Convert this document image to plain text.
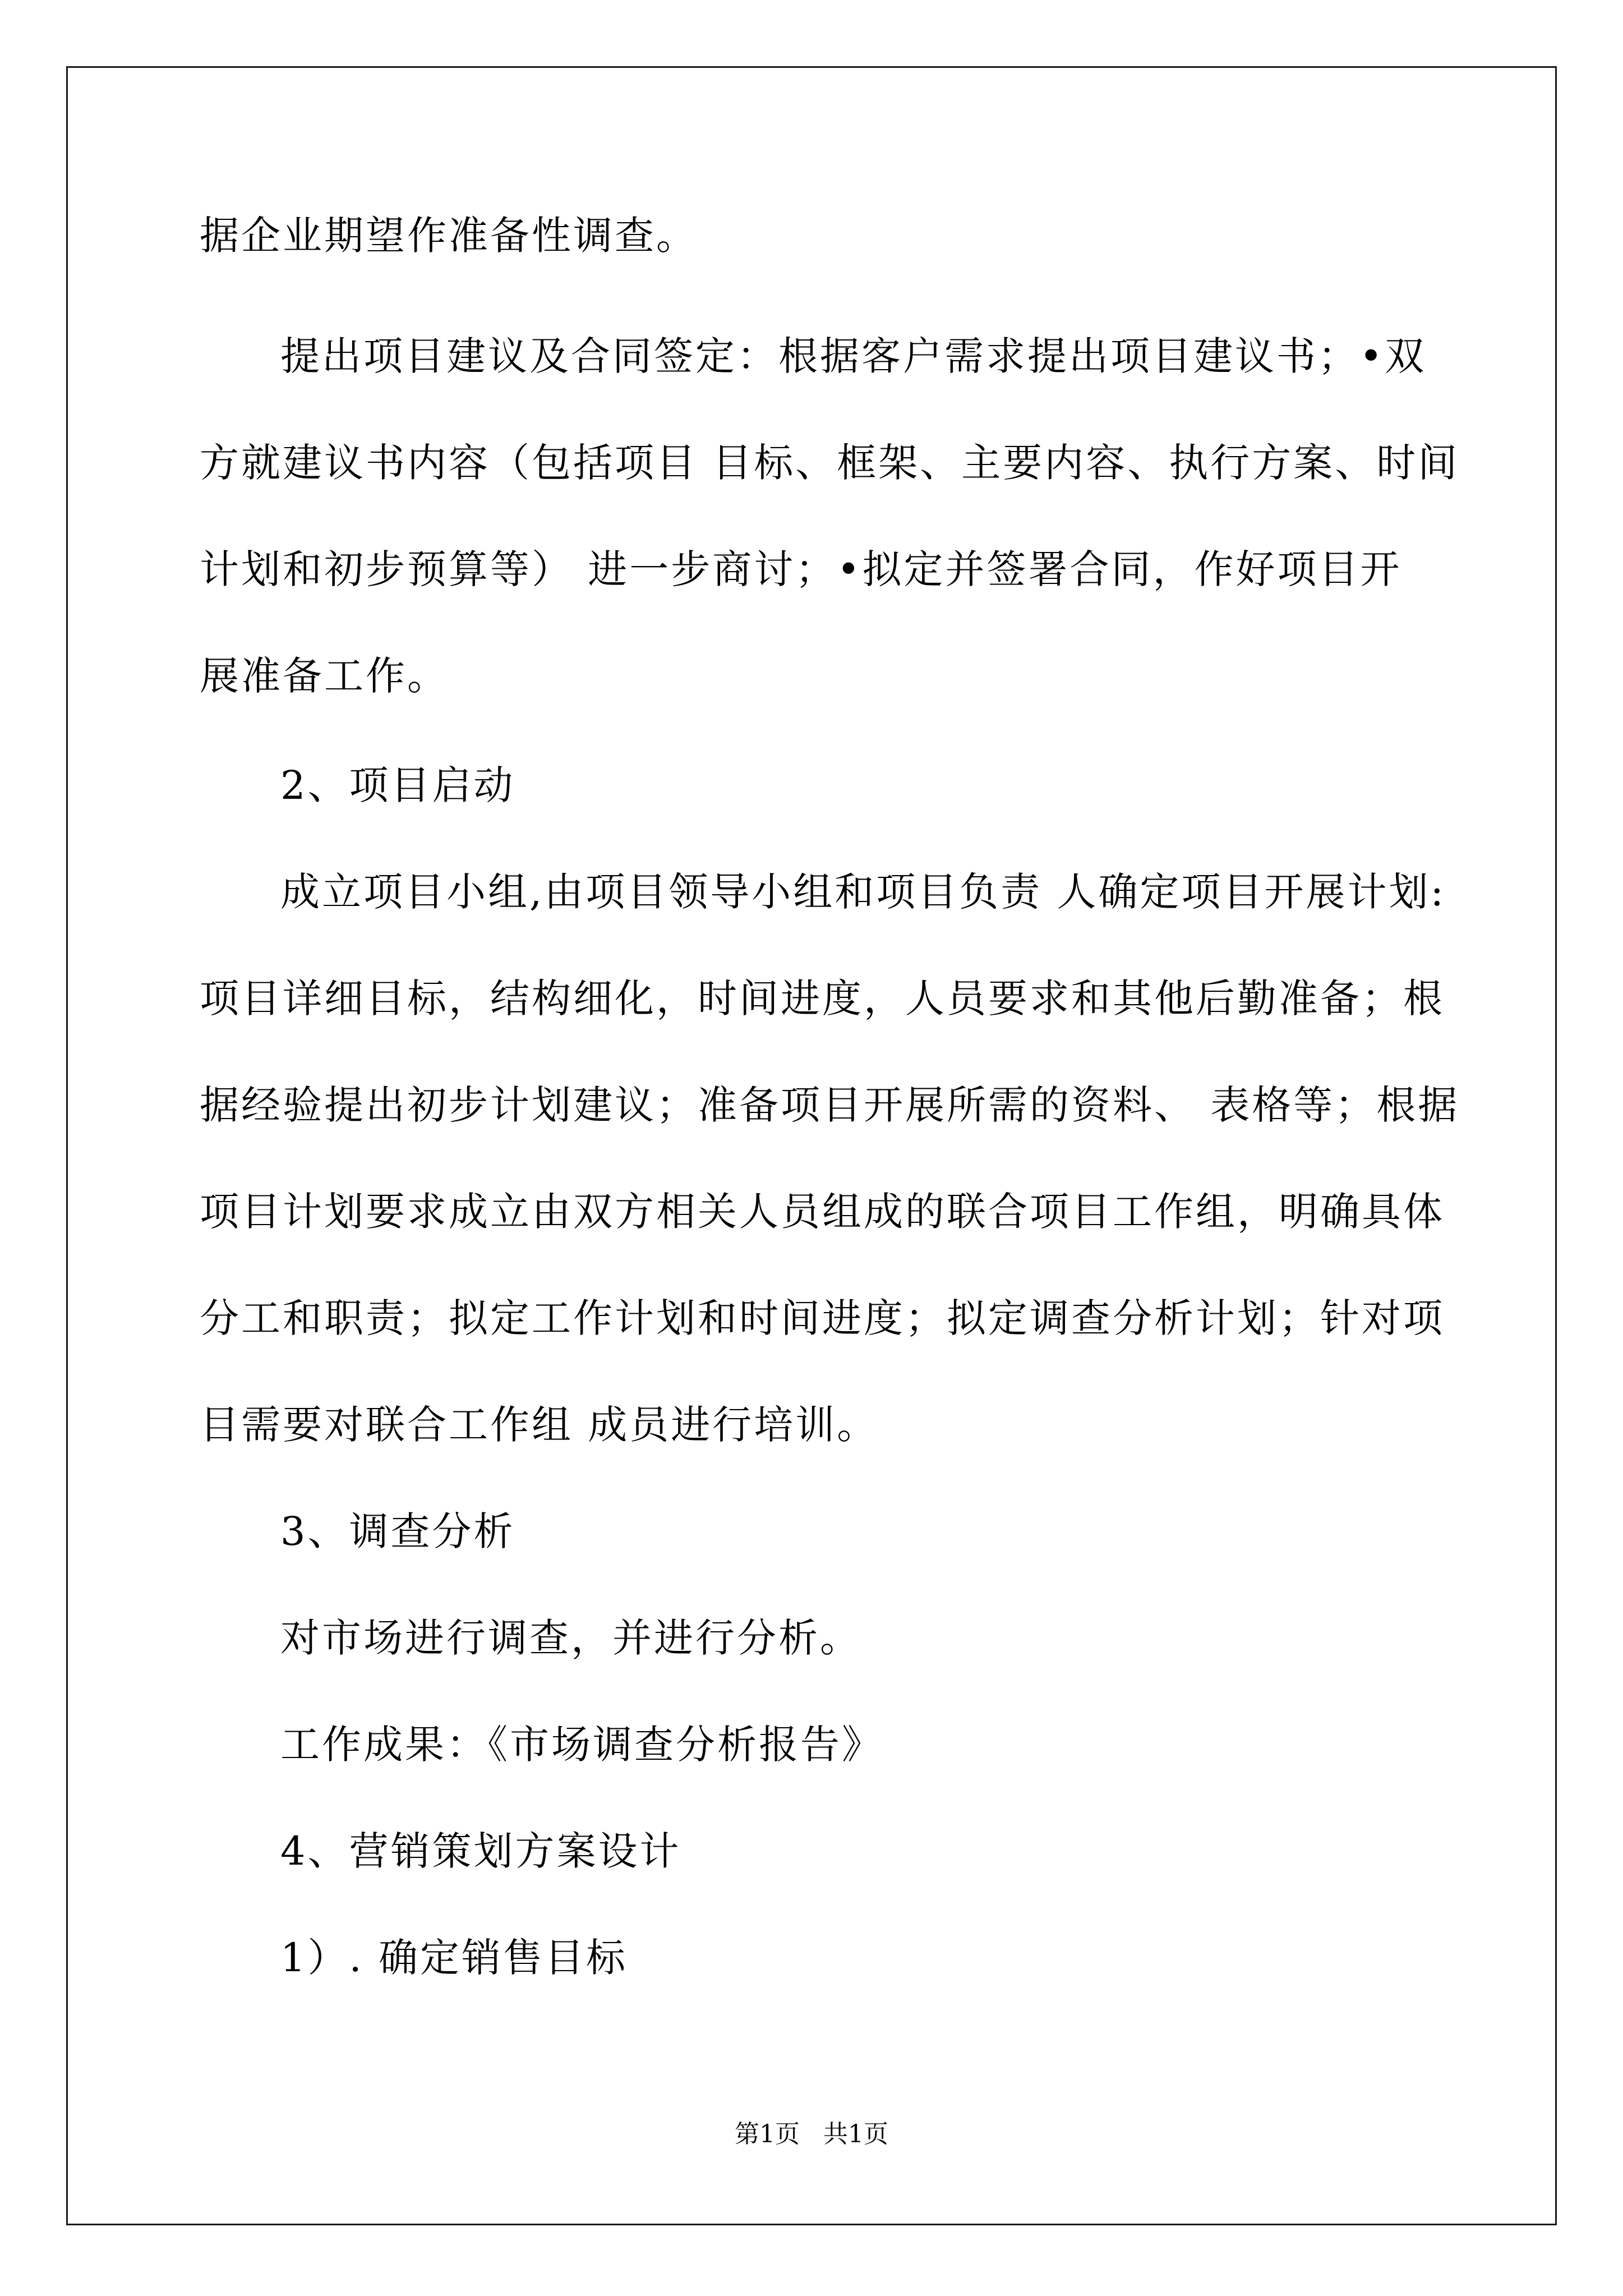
据企业期望作准备性调查。

提出项目建议及合同签定：根据客户需求提出项目建议书；•双

方就建议书内容（包括项目 目标、框架、主要内容、执行方案、时间

计划和初步预算等） 进一步商讨；•拟定并签署合同，作好项目开

展准备工作。

2、项目启动

成立项目小组,由项目领导小组和项目负责 人确定项目开展计划:

项目详细目标，结构细化，时间进度，人员要求和其他后勤准备；根

据经验提出初步计划建议；准备项目开展所需的资料、 表格等；根据

项目计划要求成立由双方相关人员组成的联合项目工作组，明确具体

分工和职责；拟定工作计划和时间进度；拟定调查分析计划；针对项

目需要对联合工作组 成员进行培训。

3、调查分析

对市场进行调查，并进行分析。

工作成果：《市场调查分析报告》

4、营销策划方案设计

1）. 确定销售目标

第1页   共1页
